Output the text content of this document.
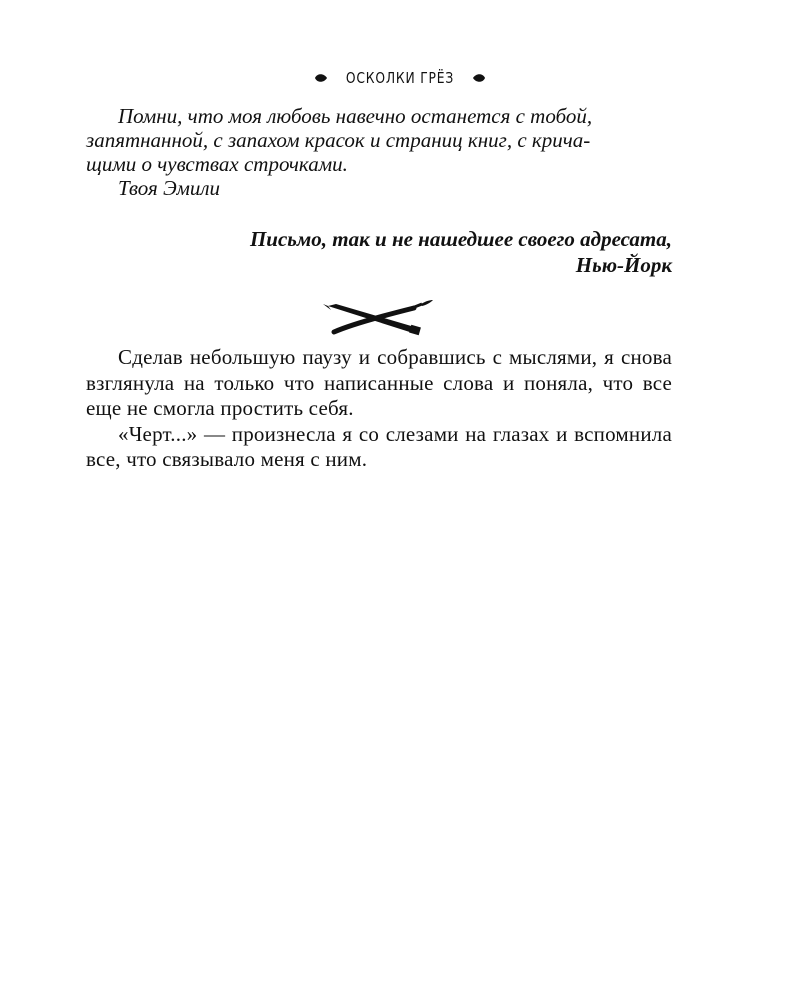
ОСКОЛКИ ГРЁЗ

Помни, что моя любовь навечно останется с тобой,

запятнанной, с запахом красок и страниц книг, с крича-

щими о чувствах строчками.

Твоя Эмили
Письмо, так и не нашедшее своего адресата,
Нью-Йорк

Сделав небольшую паузу и собравшись с мыслями, я снова взглянула на только что написанные слова и поняла, что все еще не смогла простить себя.

«Черт...» — произнесла я со слезами на глазах и вспомнила все, что связывало меня с ним.
